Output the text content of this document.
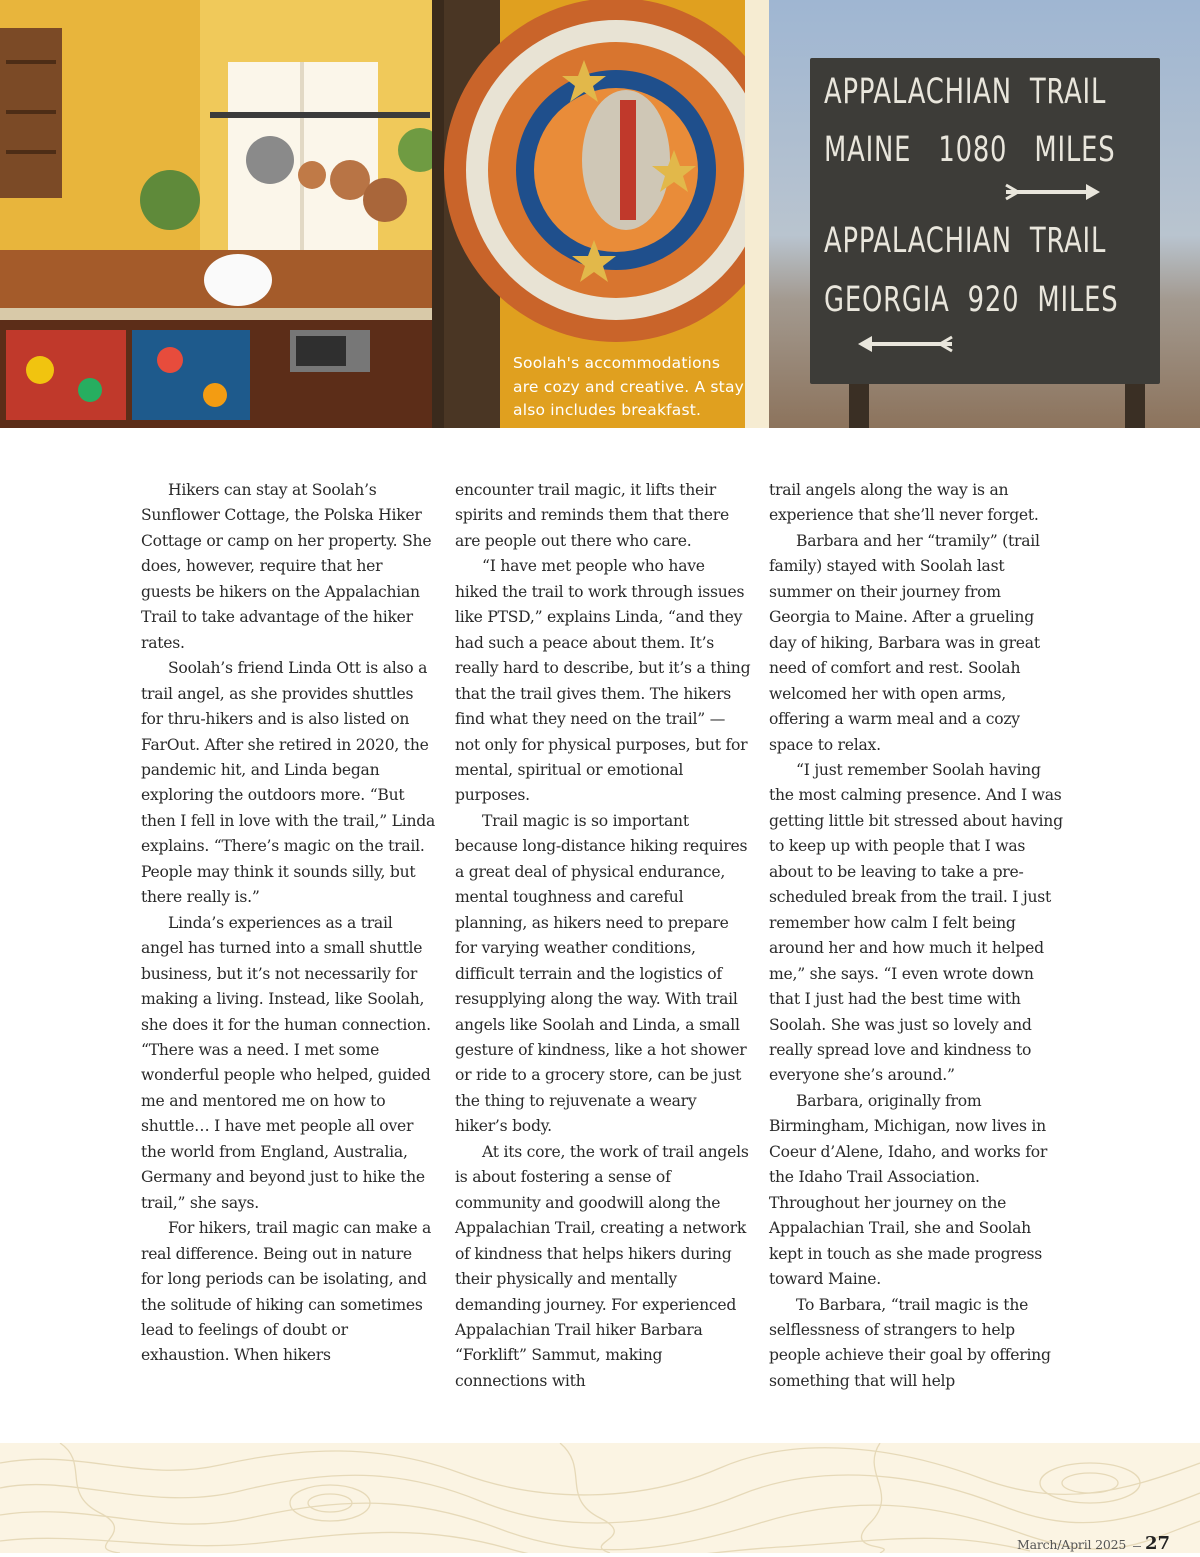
APPALACHIAN  TRAIL
MAINE   1080   MILES
APPALACHIAN  TRAIL
GEORGIA  920  MILES
Soolah's accommodations are cozy and creative. A stay also includes breakfast.

Hikers can stay at Soolah’s Sunflower Cottage, the Polska Hiker Cottage or camp on her property. She does, however, require that her guests be hikers on the Appalachian Trail to take advantage of the hiker rates.

Soolah’s friend Linda Ott is also a trail angel, as she provides shuttles for thru-hikers and is also listed on FarOut. After she retired in 2020, the pandemic hit, and Linda began exploring the outdoors more. “But then I fell in love with the trail,” Linda explains. “There’s magic on the trail. People may think it sounds silly, but there really is.”

Linda’s experiences as a trail angel has turned into a small shuttle business, but it’s not necessarily for making a living. Instead, like Soolah, she does it for the human connection. “There was a need. I met some wonderful people who helped, guided me and mentored me on how to shuttle… I have met people all over the world from England, Australia, Germany and beyond just to hike the trail,” she says.

For hikers, trail magic can make a real difference. Being out in nature for long periods can be isolating, and the solitude of hiking can sometimes lead to feelings of doubt or exhaustion. When hikers

encounter trail magic, it lifts their spirits and reminds them that there are people out there who care.

“I have met people who have hiked the trail to work through issues like PTSD,” explains Linda, “and they had such a peace about them. It’s really hard to describe, but it’s a thing that the trail gives them. The hikers find what they need on the trail” — not only for physical purposes, but for mental, spiritual or emotional purposes.

Trail magic is so important because long-distance hiking requires a great deal of physical endurance, mental toughness and careful planning, as hikers need to prepare for varying weather conditions, difficult terrain and the logistics of resupplying along the way. With trail angels like Soolah and Linda, a small gesture of kindness, like a hot shower or ride to a grocery store, can be just the thing to rejuvenate a weary hiker’s body.

At its core, the work of trail angels is about fostering a sense of community and goodwill along the Appalachian Trail, creating a network of kindness that helps hikers during their physically and mentally demanding journey. For experienced Appalachian Trail hiker Barbara “Forklift” Sammut, making connections with

trail angels along the way is an experience that she’ll never forget.

Barbara and her “tramily” (trail family) stayed with Soolah last summer on their journey from Georgia to Maine. After a grueling day of hiking, Barbara was in great need of comfort and rest. Soolah welcomed her with open arms, offering a warm meal and a cozy space to relax.

“I just remember Soolah having the most calming presence. And I was getting little bit stressed about having to keep up with people that I was about to be leaving to take a pre-scheduled break from the trail. I just remember how calm I felt being around her and how much it helped me,” she says. “I even wrote down that I just had the best time with Soolah. She was just so lovely and really spread love and kindness to everyone she’s around.”

Barbara, originally from Birmingham, Michigan, now lives in Coeur d’Alene, Idaho, and works for the Idaho Trail Association. Throughout her journey on the Appalachian Trail, she and Soolah kept in touch as she made progress toward Maine.

To Barbara, “trail magic is the selflessness of strangers to help people achieve their goal by offering something that will help

March/April 2025 27
